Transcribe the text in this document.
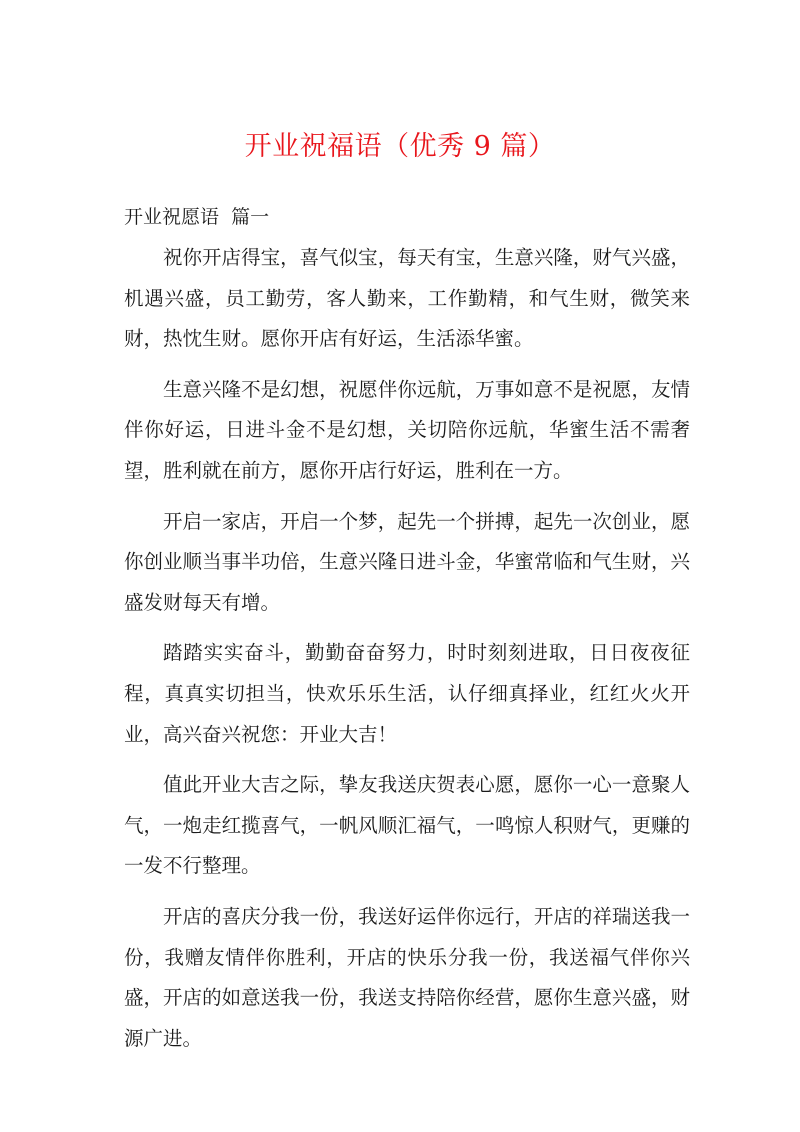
开业祝福语（优秀 9 篇）
开业祝愿语  篇一

祝你开店得宝，喜气似宝，每天有宝，生意兴隆，财气兴盛，机遇兴盛，员工勤劳，客人勤来，工作勤精，和气生财，微笑来财，热忱生财。愿你开店有好运，生活添华蜜。

生意兴隆不是幻想，祝愿伴你远航，万事如意不是祝愿，友情伴你好运，日进斗金不是幻想，关切陪你远航，华蜜生活不需奢望，胜利就在前方，愿你开店行好运，胜利在一方。

开启一家店，开启一个梦，起先一个拼搏，起先一次创业，愿你创业顺当事半功倍，生意兴隆日进斗金，华蜜常临和气生财，兴盛发财每天有增。

踏踏实实奋斗，勤勤奋奋努力，时时刻刻进取，日日夜夜征程，真真实切担当，快欢乐乐生活，认仔细真择业，红红火火开业，高兴奋兴祝您：开业大吉！

值此开业大吉之际，挚友我送庆贺表心愿，愿你一心一意聚人气，一炮走红揽喜气，一帆风顺汇福气，一鸣惊人积财气，更赚的一发不行整理。

开店的喜庆分我一份，我送好运伴你远行，开店的祥瑞送我一份，我赠友情伴你胜利，开店的快乐分我一份，我送福气伴你兴盛，开店的如意送我一份，我送支持陪你经营，愿你生意兴盛，财源广进。
